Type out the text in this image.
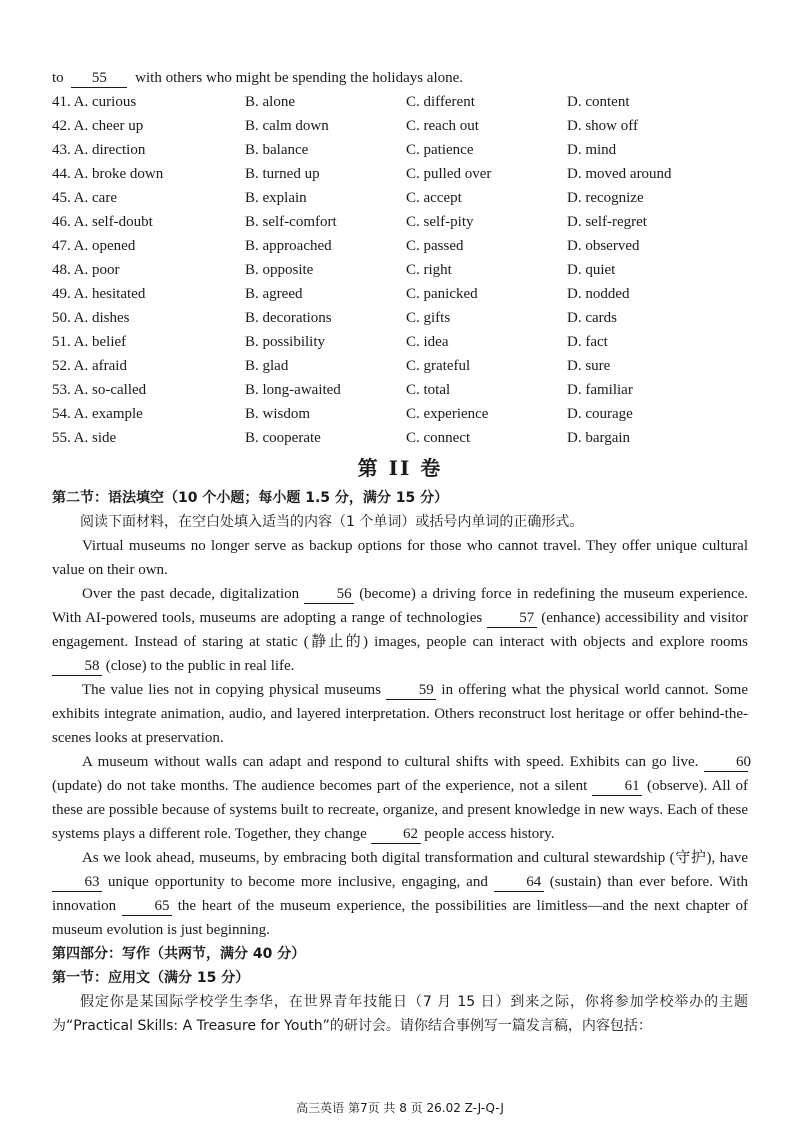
to 55 with others who might be spending the holidays alone.
41. A. curious	B. alone	C. different	D. content
42. A. cheer up	B. calm down	C. reach out	D. show off
43. A. direction	B. balance	C. patience	D. mind
44. A. broke down	B. turned up	C. pulled over	D. moved around
45. A. care	B. explain	C. accept	D. recognize
46. A. self-doubt	B. self-comfort	C. self-pity	D. self-regret
47. A. opened	B. approached	C. passed	D. observed
48. A. poor	B. opposite	C. right	D. quiet
49. A. hesitated	B. agreed	C. panicked	D. nodded
50. A. dishes	B. decorations	C. gifts	D. cards
51. A. belief	B. possibility	C. idea	D. fact
52. A. afraid	B. glad	C. grateful	D. sure
53. A. so-called	B. long-awaited	C. total	D. familiar
54. A. example	B. wisdom	C. experience	D. courage
55. A. side	B. cooperate	C. connect	D. bargain
第 II 卷
第二节：语法填空（10 个小题；每小题 1.5 分，满分 15 分）
阅读下面材料，在空白处填入适当的内容（1 个单词）或括号内单词的正确形式。

Virtual museums no longer serve as backup options for those who cannot travel. They offer unique cultural value on their own.

Over the past decade, digitalization	56 (become) a driving force in redefining the museum experience. With AI-powered tools, museums are adopting a range of technologies 57 (enhance) accessibility and visitor engagement. Instead of staring at static (静止的) images, people can interact with objects and explore rooms 58 (close) to the public in real life.

The value lies not in copying physical museums	59 in offering what the physical world cannot. Some exhibits integrate animation, audio, and layered interpretation. Others reconstruct lost heritage or offer behind-the-scenes looks at preservation.

A museum without walls can adapt and respond to cultural shifts with speed. Exhibits can go live.	60 (update) do not take months. The audience becomes part of the experience, not a silent 61 (observe). All of these are possible because of systems built to recreate, organize, and present knowledge in new ways. Each of these systems plays a different role. Together, they change 62 people access history.

As we look ahead, museums, by embracing both digital transformation and cultural stewardship (守护), have 63 unique opportunity to become more inclusive, engaging, and	64 (sustain) than ever before. With innovation	65 the heart of the museum experience, the possibilities are limitless—and the next chapter of museum evolution is just beginning.

第四部分：写作（共两节，满分 40 分）
第一节：应用文（满分 15 分）
假定你是某国际学校学生李华，在世界青年技能日（7 月 15 日）到来之际，你将参加学校举办的主题为“Practical Skills: A Treasure for Youth”的研讨会。请你结合事例写一篇发言稿，内容包括：
高三英语 第7页 共 8 页 26.02 Z-J-Q-J
